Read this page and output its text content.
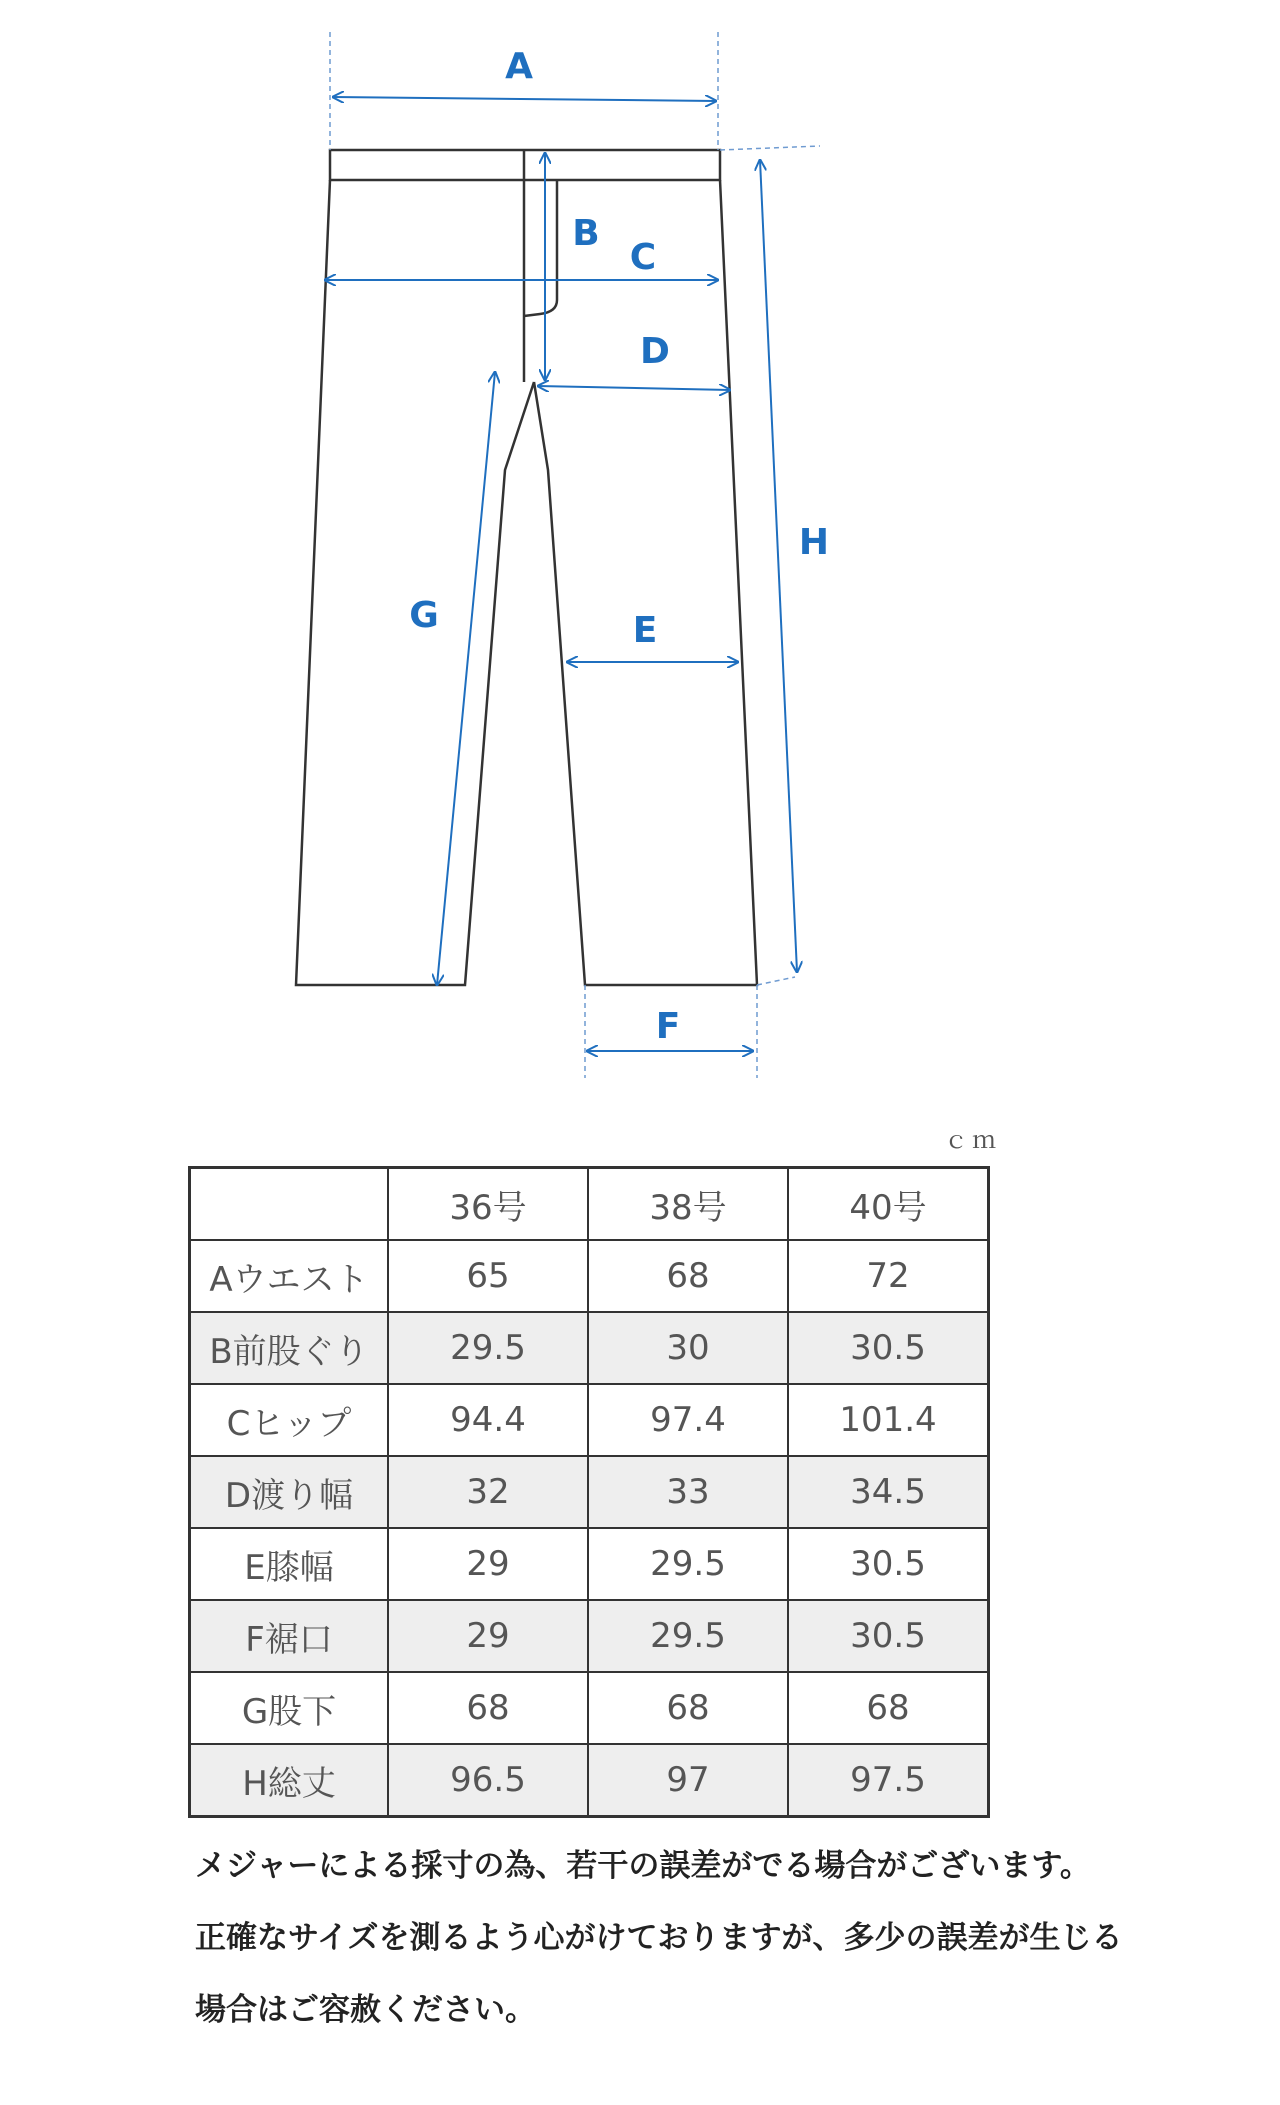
A
B
C
D
E
F
G
H
ｃｍ
	36号	38号	40号
Aウエスト	65	68	72
B前股ぐり	29.5	30	30.5
Cヒップ	94.4	97.4	101.4
D渡り幅	32	33	34.5
E膝幅	29	29.5	30.5
F裾口	29	29.5	30.5
G股下	68	68	68
H総丈	96.5	97	97.5

メジャーによる採寸の為、若干の誤差がでる場合がございます。

正確なサイズを測るよう心がけておりますが、多少の誤差が生じる

場合はご容赦ください。
